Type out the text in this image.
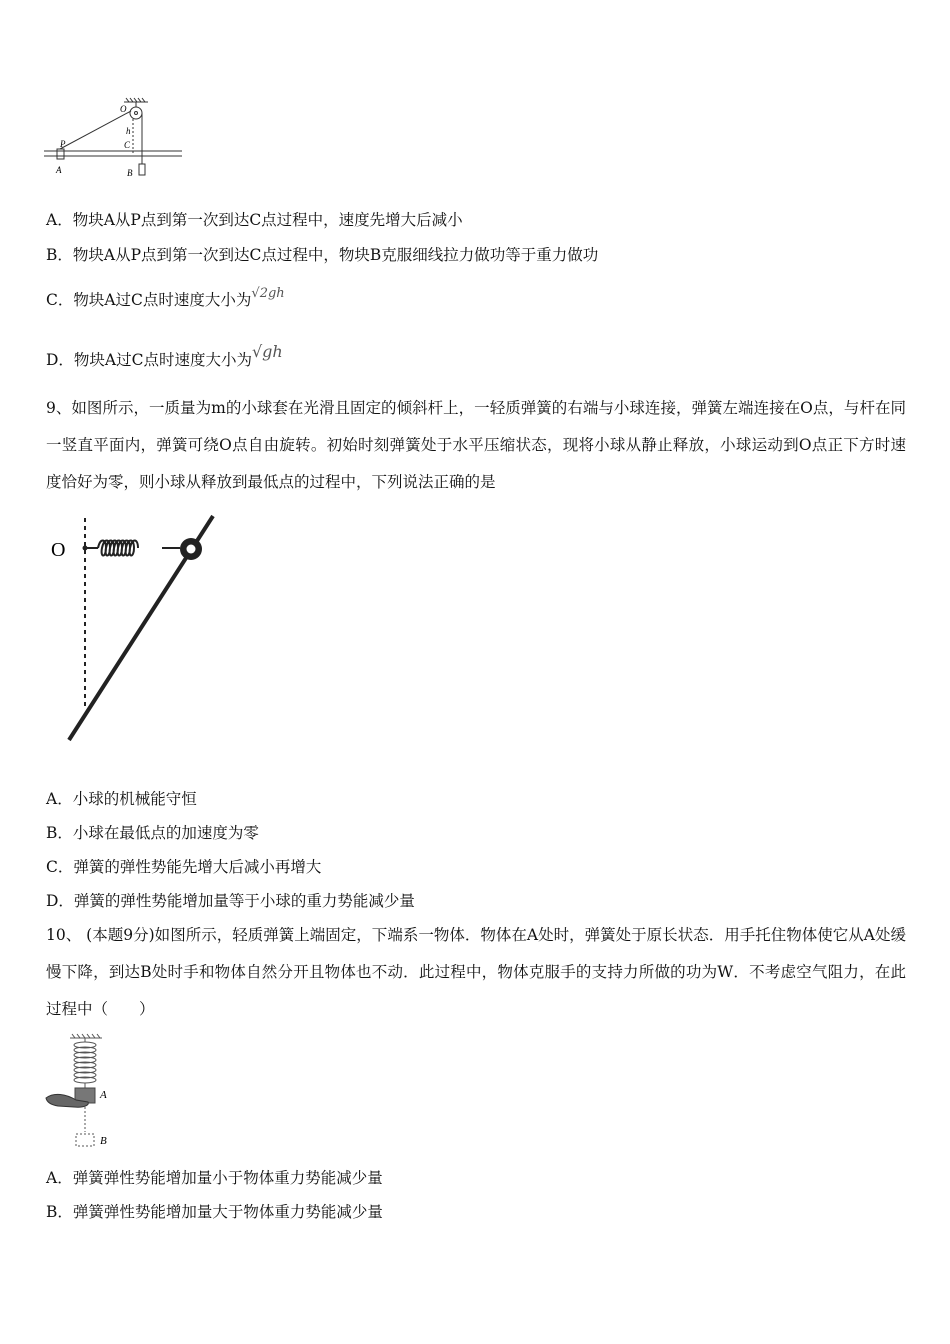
O
h
C
P
A	B
A．物块A从P点到第一次到达C点过程中，速度先增大后减小
B．物块A从P点到第一次到达C点过程中，物块B克服细线拉力做功等于重力做功
C．物块A过C点时速度大小为$^{√2gh}$
D．物块A过C点时速度大小为√gh
9、如图所示，一质量为m的小球套在光滑且固定的倾斜杆上，一轻质弹簧的右端与小球连接，弹簧左端连接在O点，与杆在同一竖直平面内，弹簧可绕O点自由旋转。初始时刻弹簧处于水平压缩状态，现将小球从静止释放，小球运动到O点正下方时速度恰好为零，则小球从释放到最低点的过程中，下列说法正确的是
O
A．小球的机械能守恒
B．小球在最低点的加速度为零
C．弹簧的弹性势能先增大后减小再增大
D．弹簧的弹性势能增加量等于小球的重力势能减少量
10、 (本题9分)如图所示，轻质弹簧上端固定，下端系一物体．物体在A处时，弹簧处于原长状态．用手托住物体使它从A处缓慢下降，到达B处时手和物体自然分开且物体也不动．此过程中，物体克服手的支持力所做的功为W．不考虑空气阻力，在此过程中（　　）
A
B
A．弹簧弹性势能增加量小于物体重力势能减少量
B．弹簧弹性势能增加量大于物体重力势能减少量
